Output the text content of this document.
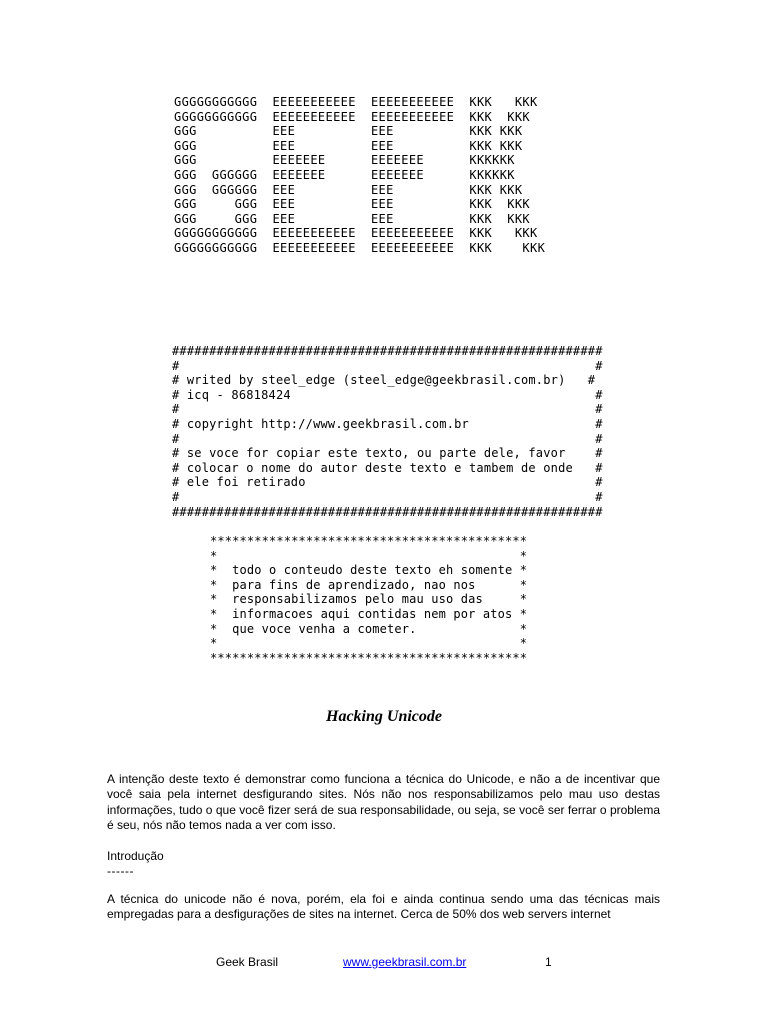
GGGGGGGGGGG  EEEEEEEEEEE  EEEEEEEEEEE  KKK   KKK
GGGGGGGGGGG  EEEEEEEEEEE  EEEEEEEEEEE  KKK  KKK
GGG          EEE          EEE          KKK KKK
GGG          EEE          EEE          KKK KKK
GGG          EEEEEEE      EEEEEEE      KKKKKK
GGG  GGGGGG  EEEEEEE      EEEEEEE      KKKKKK
GGG  GGGGGG  EEE          EEE          KKK KKK
GGG     GGG  EEE          EEE          KKK  KKK
GGG     GGG  EEE          EEE          KKK  KKK
GGGGGGGGGGG  EEEEEEEEEEE  EEEEEEEEEEE  KKK   KKK
GGGGGGGGGGG  EEEEEEEEEEE  EEEEEEEEEEE  KKK    KKK
##########################################################
#                                                        #
# writed by steel_edge (steel_edge@geekbrasil.com.br)   #
# icq - 86818424                                         #
#                                                        #
# copyright http://www.geekbrasil.com.br                 #
#                                                        #
# se voce for copiar este texto, ou parte dele, favor    #
# colocar o nome do autor deste texto e tambem de onde   #
# ele foi retirado                                       #
#                                                        #
##########################################################
*******************************************
*                                         *
*  todo o conteudo deste texto eh somente *
*  para fins de aprendizado, nao nos      *
*  responsabilizamos pelo mau uso das     *
*  informacoes aqui contidas nem por atos *
*  que voce venha a cometer.              *
*                                         *
*******************************************
Hacking Unicode

A intenção deste texto é demonstrar como funciona a técnica do Unicode, e não a de incentivar que você saia pela internet desfigurando sites. Nós não nos responsabilizamos pelo mau uso destas informações, tudo o que você fizer será de sua responsabilidade, ou seja, se você ser ferrar o problema é seu, nós não temos nada a ver com isso.

Introdução

------

A técnica do unicode não é nova, porém, ela foi e ainda continua sendo uma das técnicas mais empregadas para a desfigurações de sites na internet. Cerca de 50% dos web servers internet

Geek Brasil	www.geekbrasil.com.br	1
